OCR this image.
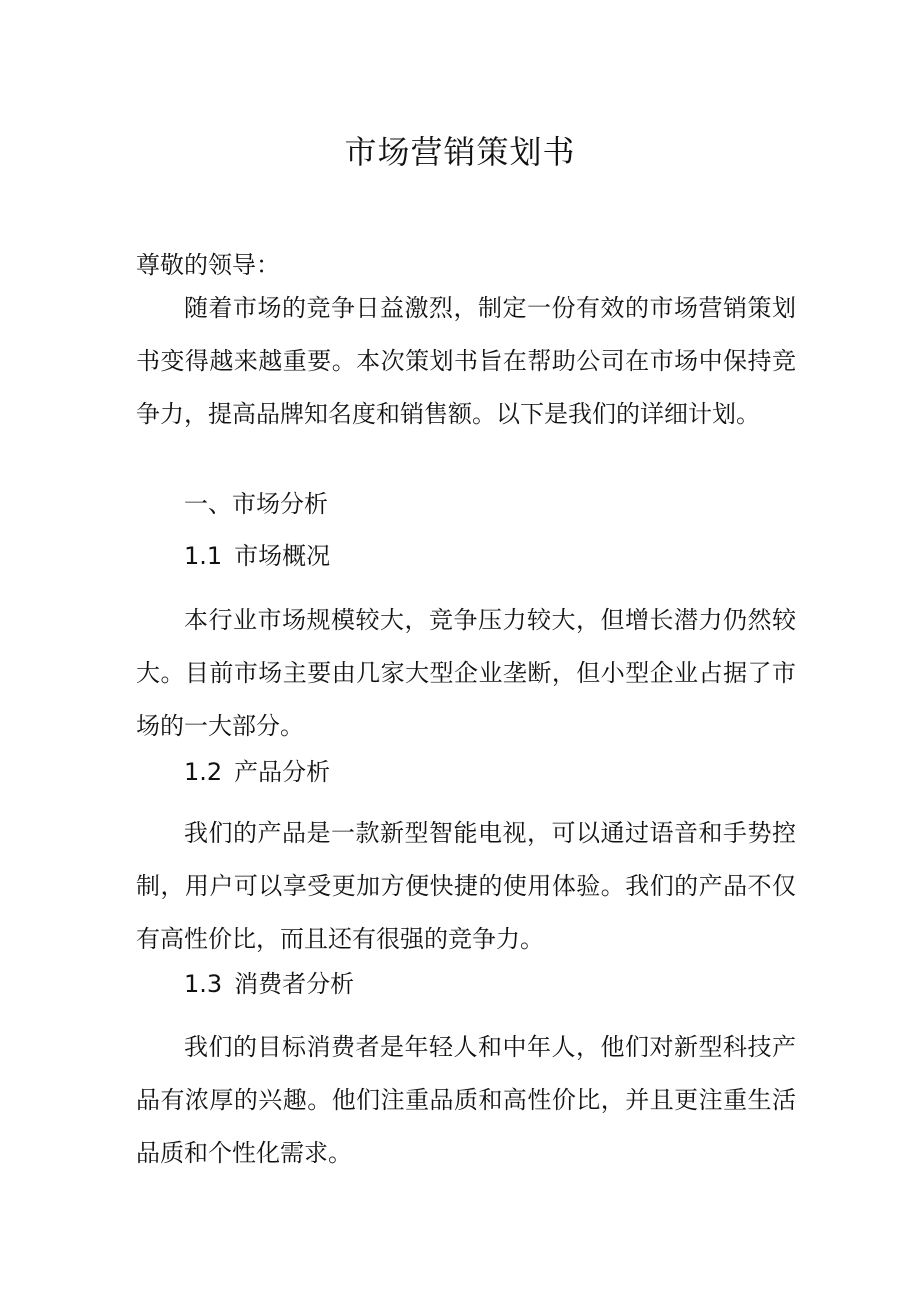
市场营销策划书

尊敬的领导：

随着市场的竞争日益激烈，制定一份有效的市场营销策划书变得越来越重要。本次策划书旨在帮助公司在市场中保持竞争力，提高品牌知名度和销售额。以下是我们的详细计划。

一、市场分析

1.1 市场概况

本行业市场规模较大，竞争压力较大，但增长潜力仍然较大。目前市场主要由几家大型企业垄断，但小型企业占据了市场的一大部分。

1.2 产品分析

我们的产品是一款新型智能电视，可以通过语音和手势控制，用户可以享受更加方便快捷的使用体验。我们的产品不仅有高性价比，而且还有很强的竞争力。

1.3 消费者分析

我们的目标消费者是年轻人和中年人，他们对新型科技产品有浓厚的兴趣。他们注重品质和高性价比，并且更注重生活品质和个性化需求。
